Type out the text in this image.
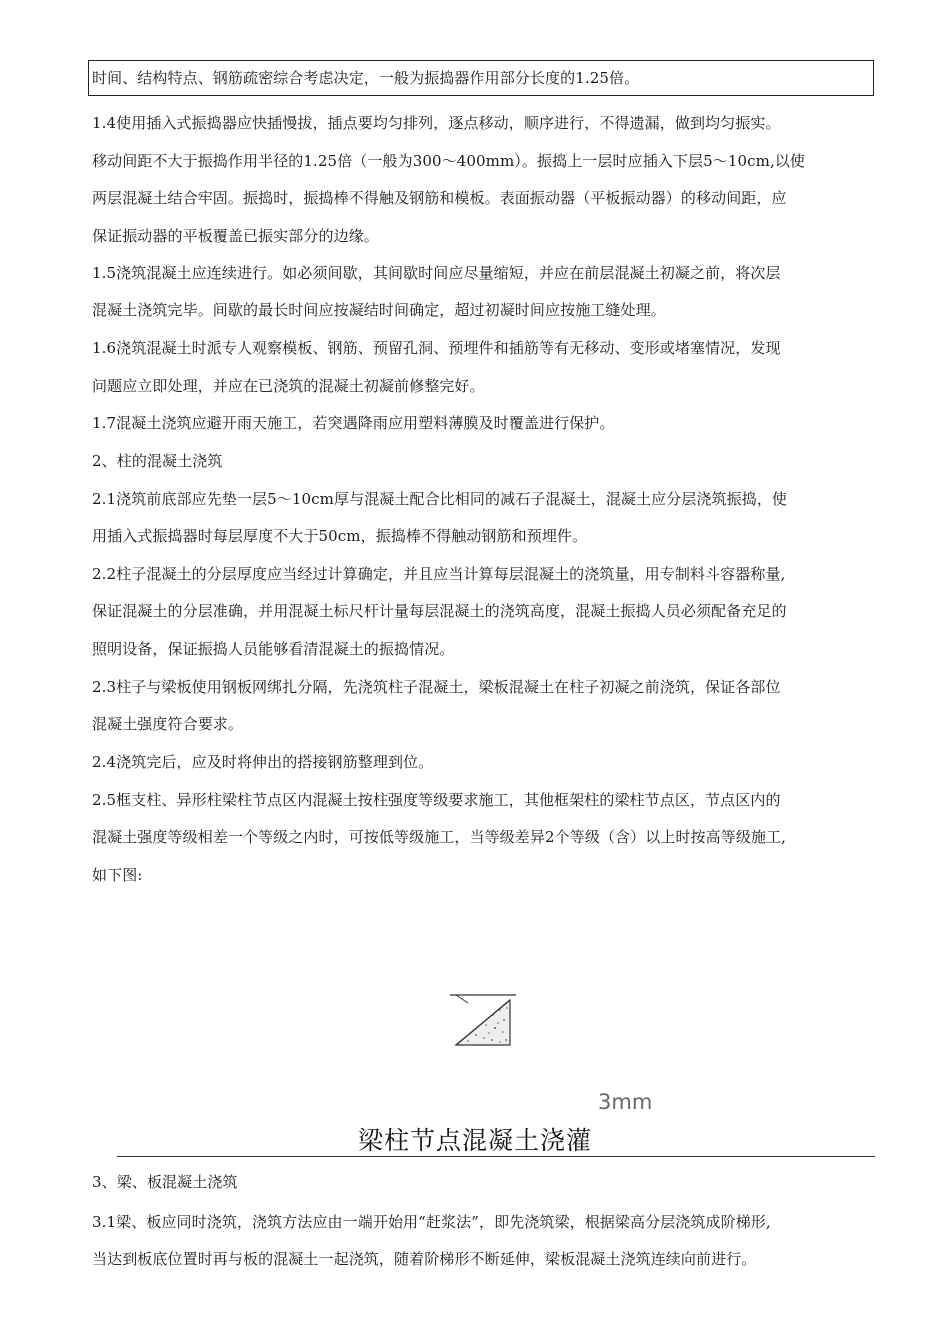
时间、结构特点、钢筋疏密综合考虑决定，一般为振捣器作用部分长度的1.25倍。
1.4使用插入式振捣器应快插慢拔，插点要均匀排列，逐点移动，顺序进行，不得遗漏，做到均匀振实。
移动间距不大于振捣作用半径的1.25倍（一般为300～400mm）。振捣上一层时应插入下层5～10cm,以使
两层混凝土结合牢固。振捣时，振捣棒不得触及钢筋和模板。表面振动器（平板振动器）的移动间距，应
保证振动器的平板覆盖已振实部分的边缘。
1.5浇筑混凝土应连续进行。如必须间歇，其间歇时间应尽量缩短，并应在前层混凝土初凝之前，将次层
混凝土浇筑完毕。间歇的最长时间应按凝结时间确定，超过初凝时间应按施工缝处理。
1.6浇筑混凝土时派专人观察模板、钢筋、预留孔洞、预埋件和插筋等有无移动、变形或堵塞情况，发现
问题应立即处理，并应在已浇筑的混凝土初凝前修整完好。
1.7混凝土浇筑应避开雨天施工，若突遇降雨应用塑料薄膜及时覆盖进行保护。
2、柱的混凝土浇筑
2.1浇筑前底部应先垫一层5～10cm厚与混凝土配合比相同的减石子混凝土，混凝土应分层浇筑振捣，使
用插入式振捣器时每层厚度不大于50cm，振捣棒不得触动钢筋和预埋件。
2.2柱子混凝土的分层厚度应当经过计算确定，并且应当计算每层混凝土的浇筑量，用专制料斗容器称量,
保证混凝土的分层准确，并用混凝土标尺杆计量每层混凝土的浇筑高度，混凝土振捣人员必须配备充足的
照明设备，保证振捣人员能够看清混凝土的振捣情况。
2.3柱子与梁板使用钢板网绑扎分隔，先浇筑柱子混凝土，梁板混凝土在柱子初凝之前浇筑，保证各部位
混凝土强度符合要求。
2.4浇筑完后，应及时将伸出的搭接钢筋整理到位。
2.5框支柱、异形柱梁柱节点区内混凝土按柱强度等级要求施工，其他框架柱的梁柱节点区，节点区内的
混凝土强度等级相差一个等级之内时，可按低等级施工，当等级差异2个等级（含）以上时按高等级施工,
如下图:
3mm
梁柱节点混凝土浇灌
3、梁、板混凝土浇筑
3.1梁、板应同时浇筑，浇筑方法应由一端开始用“赶浆法”，即先浇筑梁，根据梁高分层浇筑成阶梯形,
当达到板底位置时再与板的混凝土一起浇筑，随着阶梯形不断延伸，梁板混凝土浇筑连续向前进行。
